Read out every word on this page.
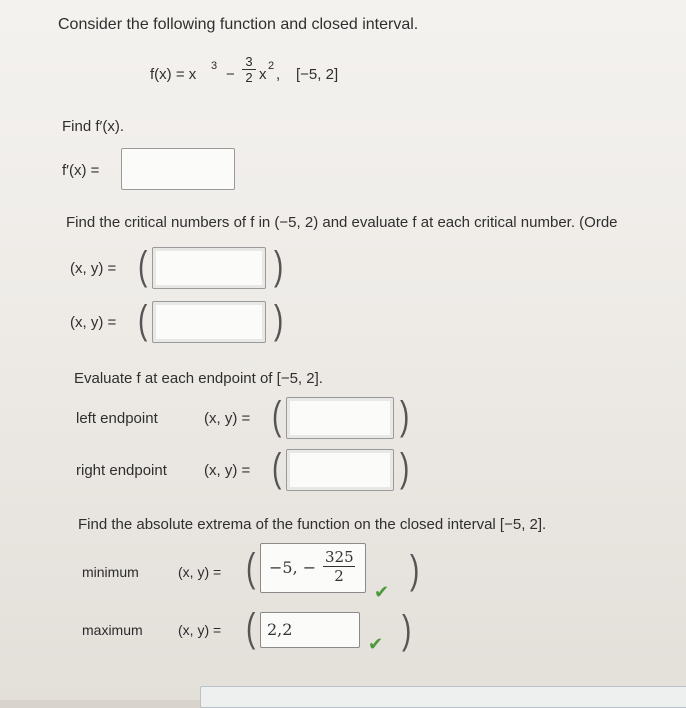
Consider the following function and closed interval.
f(x) = x $3 - \frac{3}{2}$ x 2 , [−5, 2]
Find f′(x).
f′(x) =
Find the critical numbers of f in (−5, 2) and evaluate f at each critical number. (Orde
(x, y) = (	)
(x, y) = (	)
Evaluate f at each endpoint of [−5, 2].
left endpoint	(x, y) = (	)
right endpoint (x, y) = (	)
Find the absolute extrema of the function on the closed interval [−5, 2].
minimum	(x, y) = ( −5, − $\frac{325}{2}$
✔ )
maximum	(x, y) = ( 2,2
✔ )
